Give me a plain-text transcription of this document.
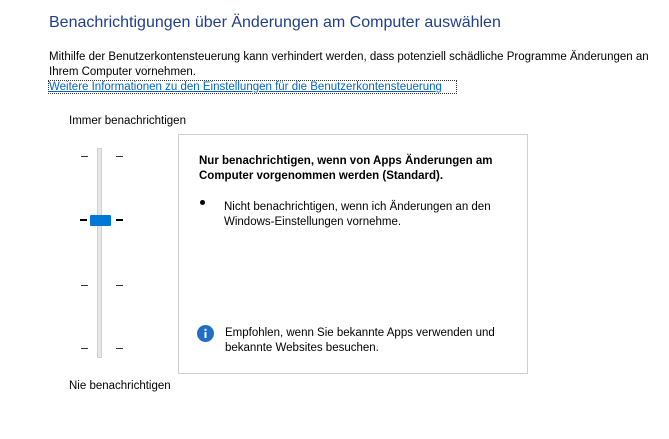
Benachrichtigungen über Änderungen am Computer auswählen
Mithilfe der Benutzerkontensteuerung kann verhindert werden, dass potenziell schädliche Programme Änderungen an Ihrem Computer vornehmen.
Weitere Informationen zu den Einstellungen für die Benutzerkontensteuerung
Immer benachrichtigen
Nie benachrichtigen
Nur benachrichtigen, wenn von Apps Änderungen am Computer vorgenommen werden (Standard).
Nicht benachrichtigen, wenn ich Änderungen an den Windows-Einstellungen vornehme.
Empfohlen, wenn Sie bekannte Apps verwenden und bekannte Websites besuchen.
